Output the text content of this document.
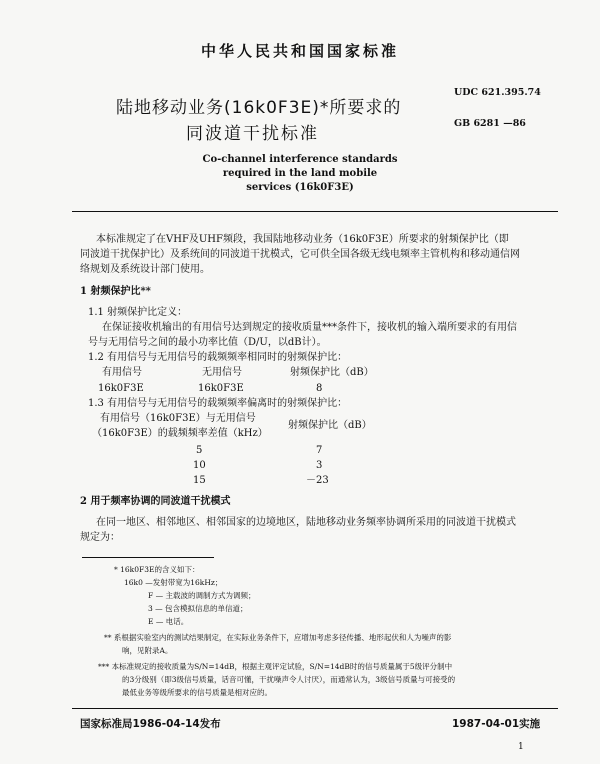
中华人民共和国国家标准
陆地移动业务(16k0F3E)*所要求的
同波道干扰标准
UDC 621.395.74
GB 6281 —86
Co-channel interference standards
required in the land mobile
services (16k0F3E)
本标准规定了在VHF及UHF频段，我国陆地移动业务（16k0F3E）所要求的射频保护比（即
同波道干扰保护比）及系统间的同波道干扰模式，它可供全国各级无线电频率主管机构和移动通信网
络规划及系统设计部门使用。
1 射频保护比**
1.1 射频保护比定义：
在保证接收机输出的有用信号达到规定的接收质量***条件下，接收机的输入端所要求的有用信
号与无用信号之间的最小功率比值（D/U，以dB计）。
1.2 有用信号与无用信号的载频频率相同时的射频保护比：
有用信号	无用信号	射频保护比（dB）
16k0F3E	16k0F3E	8
1.3 有用信号与无用信号的载频频率偏离时的射频保护比：
有用信号（16k0F3E）与无用信号
（16k0F3E）的载频频率差值（kHz）
射频保护比（dB）
5	7
10	3
15	－23
2 用于频率协调的同波道干扰模式
在同一地区、相邻地区、相邻国家的边境地区，陆地移动业务频率协调所采用的同波道干扰模式
规定为：
* 16k0F3E的含义如下：
16k0 —发射带宽为16kHz；
F — 主载波的调制方式为调频；
3 — 包含模拟信息的单信道；
E — 电话。
** 系根据实验室内的测试结果制定，在实际业务条件下，应增加考虑多径传播、地形起伏和人为噪声的影
响，见附录A。
*** 本标准规定的接收质量为S/N=14dB，根据主观评定试验，S/N=14dB时的信号质量属于5级评分制中
的3分级别（即3级信号质量，话音可懂，干扰噪声令人讨厌），而通常认为，3级信号质量与可接受的
最低业务等级所要求的信号质量是相对应的。
国家标准局1986-04-14发布	1987-04-01实施
1
